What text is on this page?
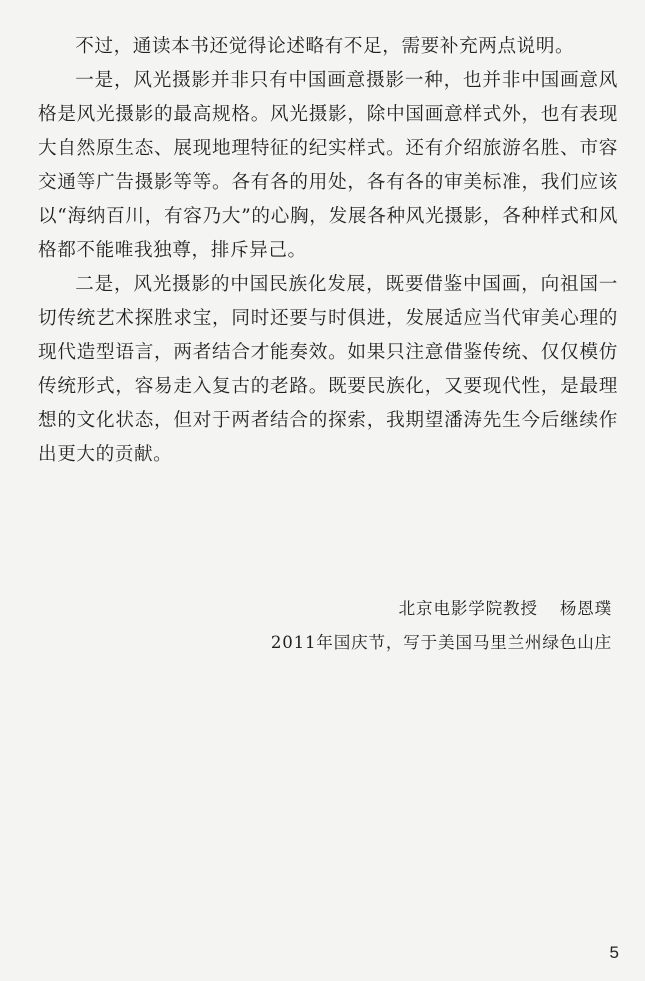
不过，通读本书还觉得论述略有不足，需要补充两点说明。

一是，风光摄影并非只有中国画意摄影一种，也并非中国画意风格是风光摄影的最高规格。风光摄影，除中国画意样式外，也有表现大自然原生态、展现地理特征的纪实样式。还有介绍旅游名胜、市容交通等广告摄影等等。各有各的用处，各有各的审美标准，我们应该以“海纳百川，有容乃大”的心胸，发展各种风光摄影，各种样式和风格都不能唯我独尊，排斥异己。

二是，风光摄影的中国民族化发展，既要借鉴中国画，向祖国一切传统艺术探胜求宝，同时还要与时俱进，发展适应当代审美心理的现代造型语言，两者结合才能奏效。如果只注意借鉴传统、仅仅模仿传统形式，容易走入复古的老路。既要民族化，又要现代性，是最理想的文化状态，但对于两者结合的探索，我期望潘涛先生今后继续作出更大的贡献。

北京电影学院教授 杨恩璞
2011年国庆节，写于美国马里兰州绿色山庄
5
